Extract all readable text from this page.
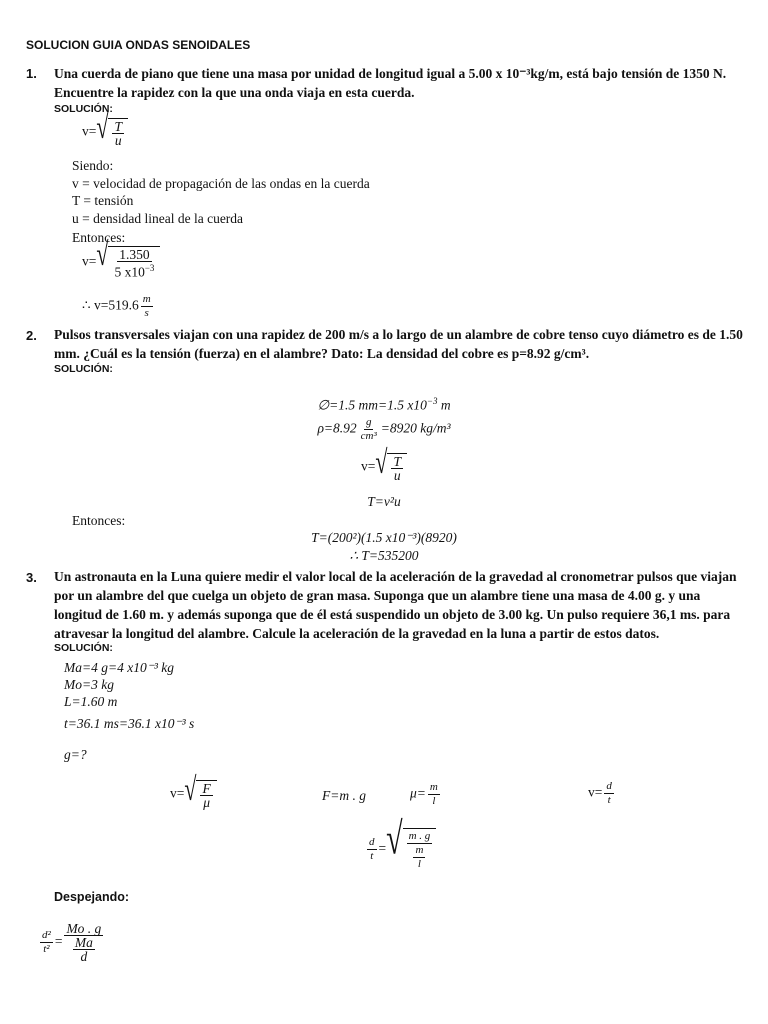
SOLUCION GUIA ONDAS SENOIDALES
1. Una cuerda de piano que tiene una masa por unidad de longitud igual a 5.00 x 10⁻³kg/m, está bajo tensión de 1350 N. Encuentre la rapidez con la que una onda viaja en esta cuerda.
SOLUCIÓN:
v= √ $\frac{T}{u}$
Siendo:
v = velocidad de propagación de las ondas en la cuerda
T = tensión
u = densidad lineal de la cuerda
Entonces:
v= √ $\frac{1.350}{5 x10^{-3}}$
∴ $v=519.6 \frac{m}{s}$
2. Pulsos transversales viajan con una rapidez de 200 m/s a lo largo de un alambre de cobre tenso cuyo diámetro es de 1.50 mm. ¿Cuál es la tensión (fuerza) en el alambre? Dato: La densidad del cobre es p=8.92 g/cm³.
SOLUCIÓN:
∅=1.5 mm=1.5 $x10^{-3}$ m
$\rho=8.92 \frac{g}{\text{cm³}} =8920$ kg/m³
v= √ $\frac{T}{u}$
T=v²u
Entonces:
T=(200²)(1.5 x10⁻³)(8920)
∴ T=535200
3. Un astronauta en la Luna quiere medir el valor local de la aceleración de la gravedad al cronometrar pulsos que viajan por un alambre del que cuelga un objeto de gran masa. Suponga que un alambre tiene una masa de 4.00 g. y una longitud de 1.60 m. y además suponga que de él está suspendido un objeto de 3.00 kg. Un pulso requiere 36,1 ms. para atravesar la longitud del alambre. Calcule la aceleración de la gravedad en la luna a partir de estos datos.
SOLUCIÓN:
Ma=4 g=4 x10⁻³ kg
Mo=3 kg
L=1.60 m
t=36.1 ms=36.1 x10⁻³ s
g=?
v= √ $\frac{F}{\mu}$	F=m . g	$\mu= \frac{m}{l}$	$v= \frac{d}{t}$
$\frac{d}{t}$ = √ $\frac{m . g}{\frac{m}{l}}$
Despejando:
$\frac{\text{d²}}{\text{t²}} = \frac{Mo . g}{\frac{Ma}{d}}$
